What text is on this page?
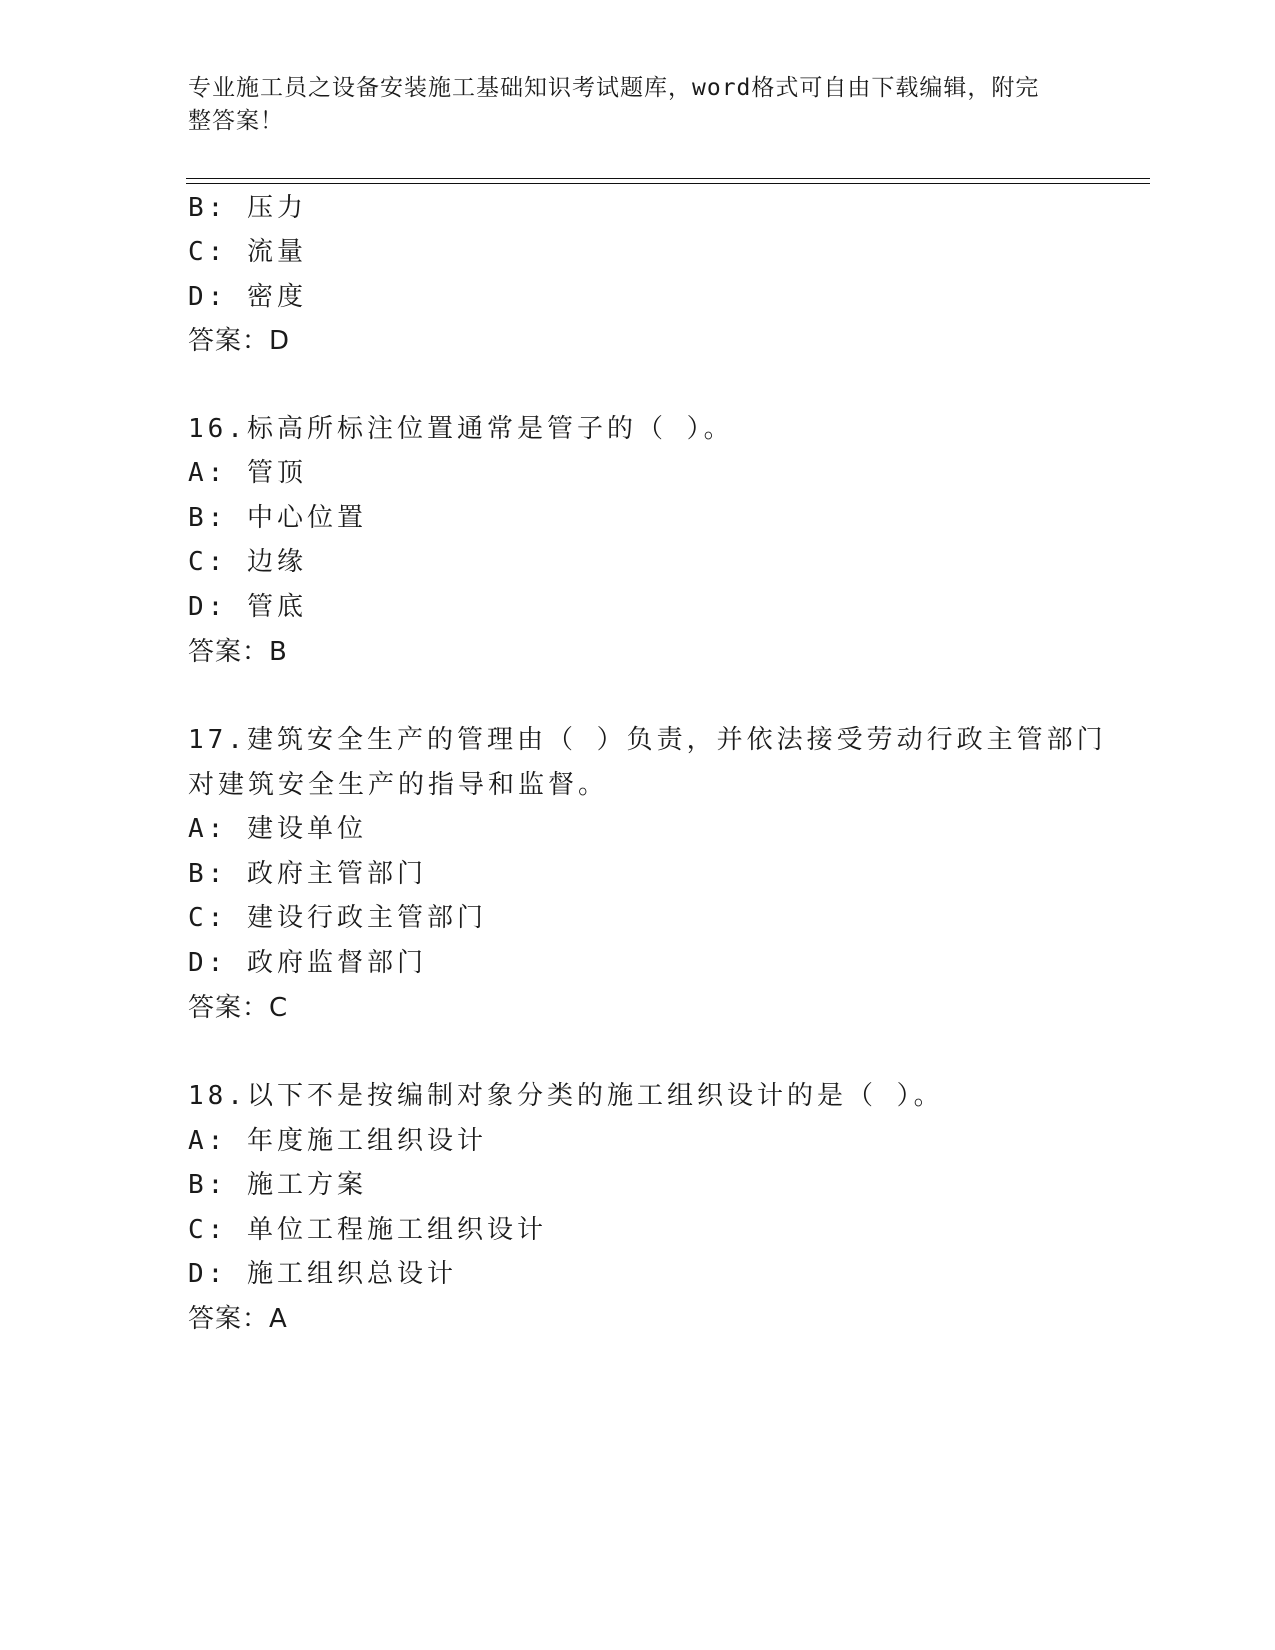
专业施工员之设备安装施工基础知识考试题库，word格式可自由下载编辑，附完
整答案！
B: 压力
C: 流量
D: 密度
答案：D
16.标高所标注位置通常是管子的（ ）。
A: 管顶
B: 中心位置
C: 边缘
D: 管底
答案：B
17.建筑安全生产的管理由（ ）负责，并依法接受劳动行政主管部门
对建筑安全生产的指导和监督。
A: 建设单位
B: 政府主管部门
C: 建设行政主管部门
D: 政府监督部门
答案：C
18.以下不是按编制对象分类的施工组织设计的是（ ）。
A: 年度施工组织设计
B: 施工方案
C: 单位工程施工组织设计
D: 施工组织总设计
答案：A
